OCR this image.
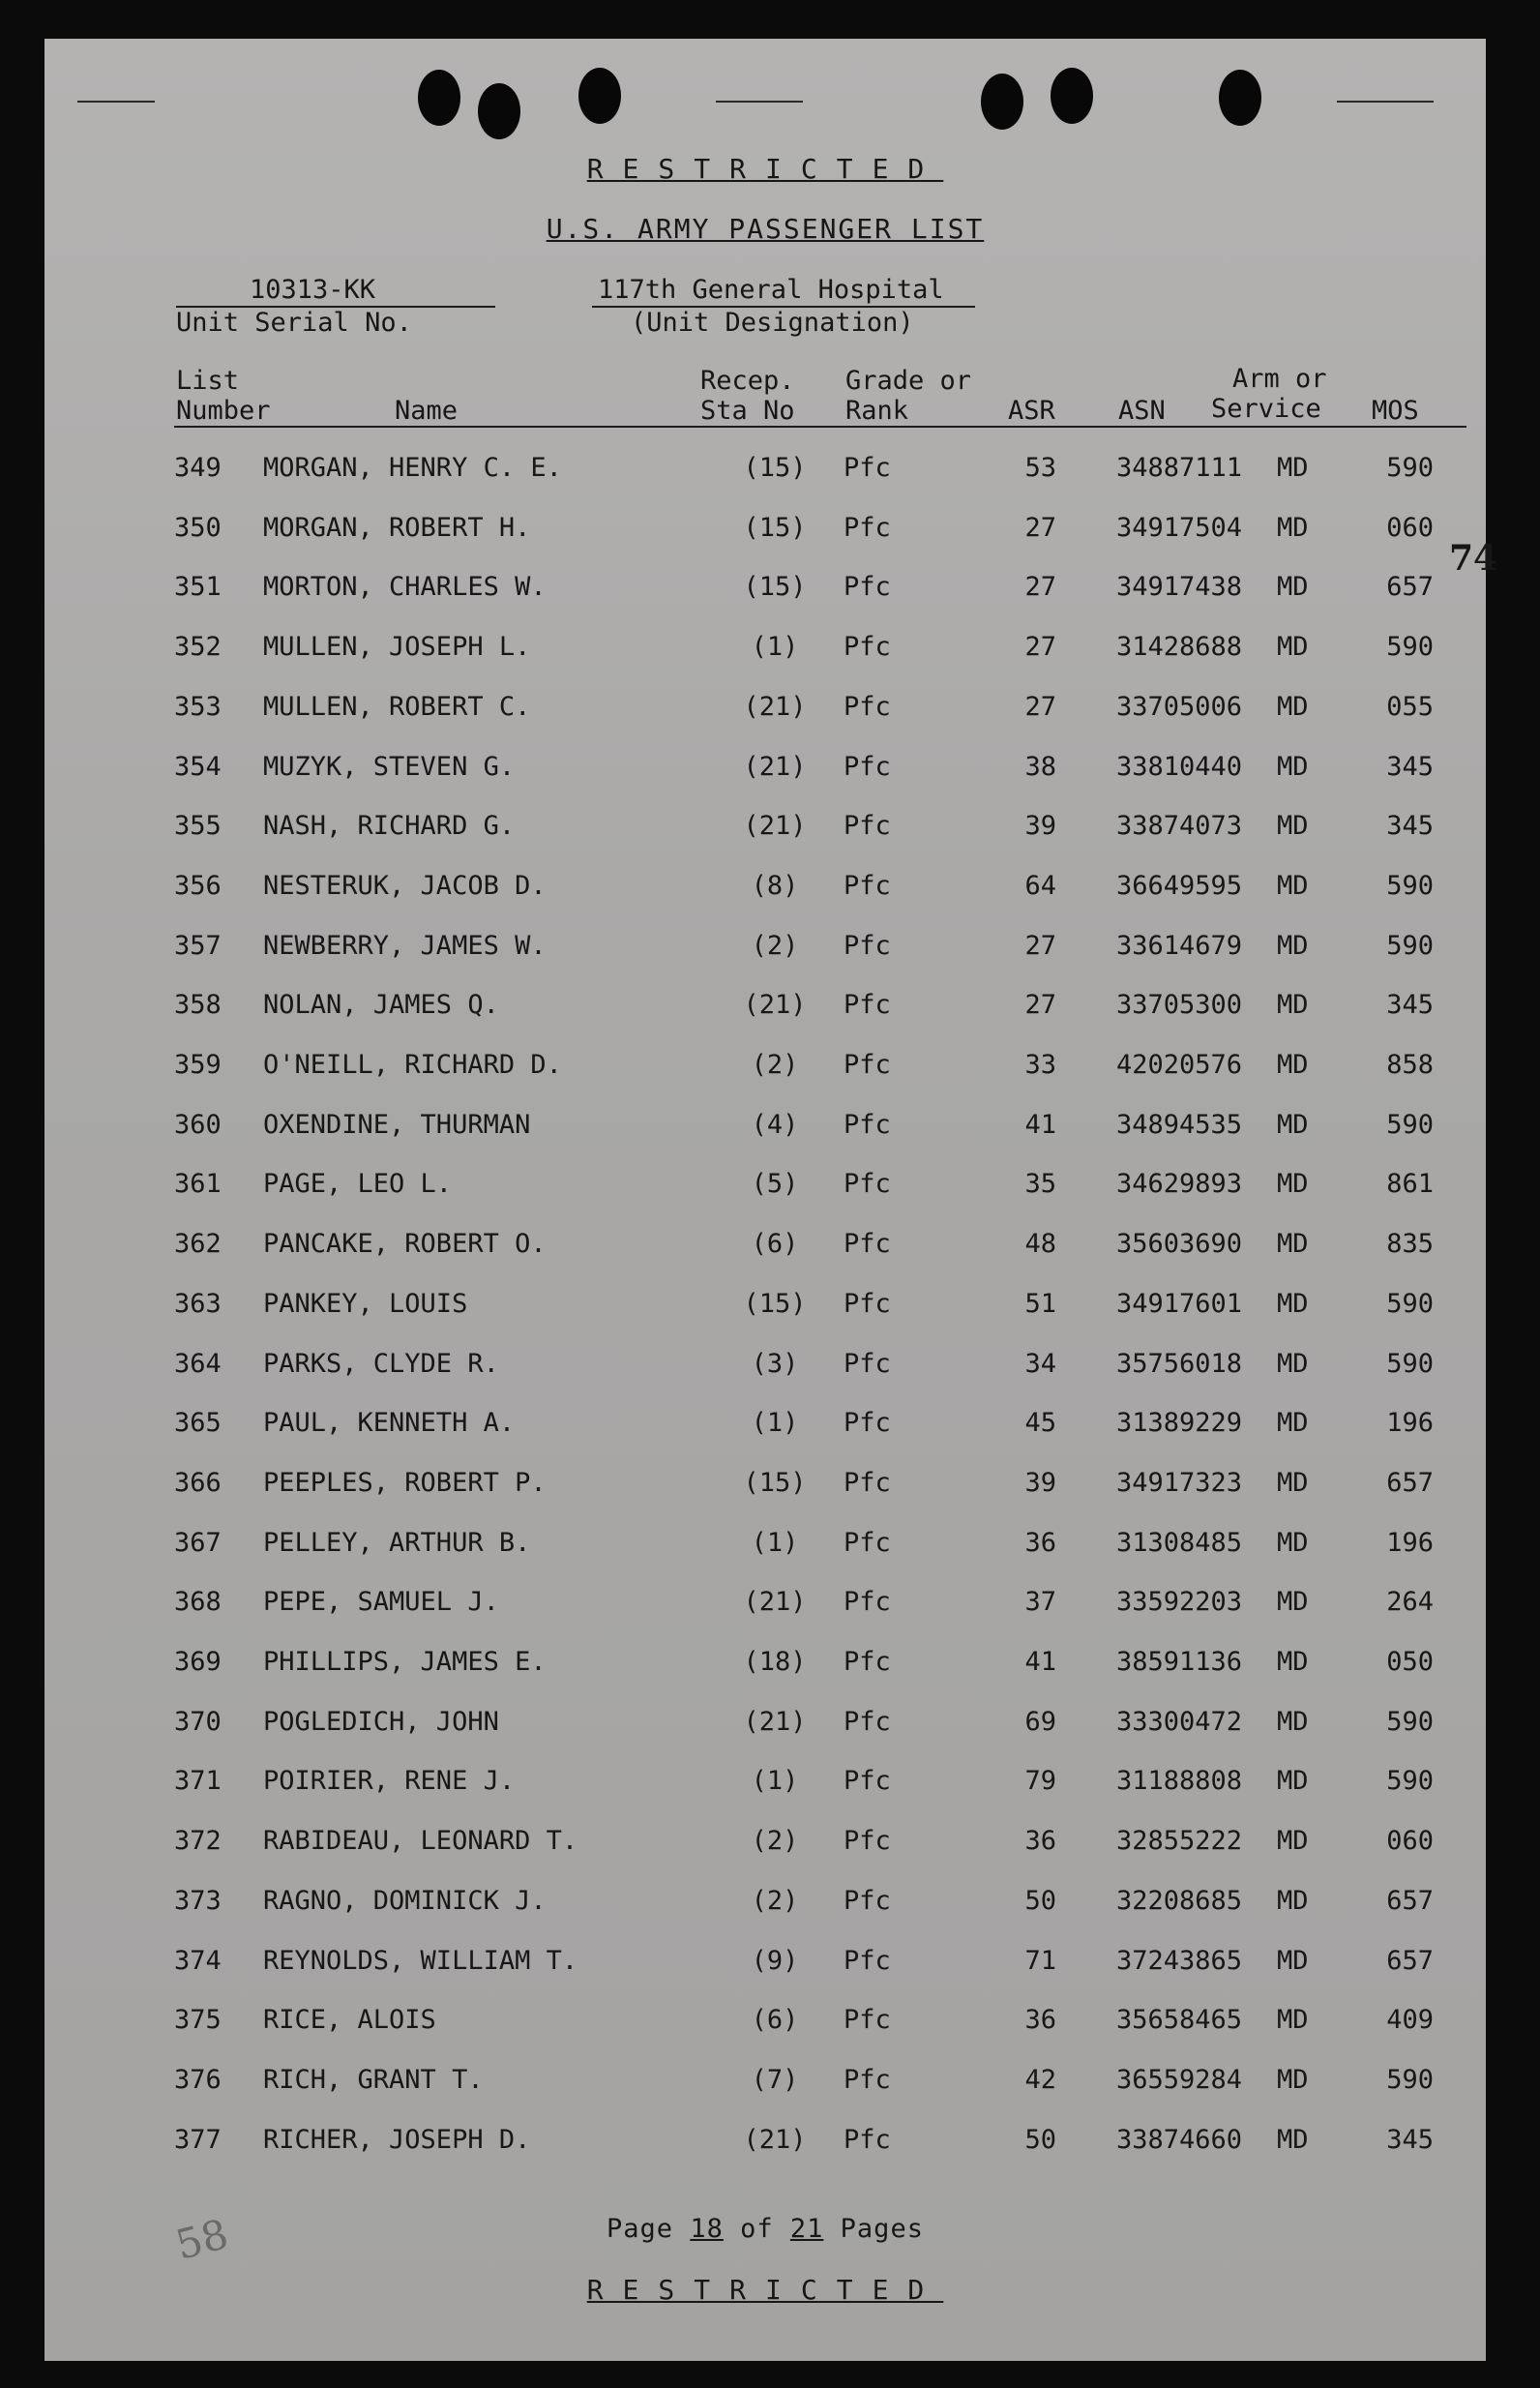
RESTRICTED
U.S. ARMY PASSENGER LIST
10313-KK
Unit Serial No.
117th General Hospital
(Unit Designation)
List
Number	Name
Recep.
Sta No
Grade or
Rank	ASR ASN
Arm or
Service MOS
349	MORGAN, HENRY C. E.	(15)	Pfc	53	34887111 MD	590
350	MORGAN, ROBERT H.	(15)	Pfc	27	34917504 MD	060
351	MORTON, CHARLES W.	(15)	Pfc	27	34917438 MD	657
352	MULLEN, JOSEPH L.	(1)	Pfc	27	31428688 MD	590
353	MULLEN, ROBERT C.	(21)	Pfc	27	33705006 MD	055
354	MUZYK, STEVEN G.	(21)	Pfc	38	33810440 MD	345
355	NASH, RICHARD G.	(21)	Pfc	39	33874073 MD	345
356	NESTERUK, JACOB D.	(8)	Pfc	64	36649595 MD	590
357	NEWBERRY, JAMES W.	(2)	Pfc	27	33614679 MD	590
358	NOLAN, JAMES Q.	(21)	Pfc	27	33705300 MD	345
359	O'NEILL, RICHARD D.	(2)	Pfc	33	42020576 MD	858
360	OXENDINE, THURMAN	(4)	Pfc	41	34894535 MD	590
361	PAGE, LEO L.	(5)	Pfc	35	34629893 MD	861
362	PANCAKE, ROBERT O.	(6)	Pfc	48	35603690 MD	835
363	PANKEY, LOUIS	(15)	Pfc	51	34917601 MD	590
364	PARKS, CLYDE R.	(3)	Pfc	34	35756018 MD	590
365	PAUL, KENNETH A.	(1)	Pfc	45	31389229 MD	196
366	PEEPLES, ROBERT P.	(15)	Pfc	39	34917323 MD	657
367	PELLEY, ARTHUR B.	(1)	Pfc	36	31308485 MD	196
368	PEPE, SAMUEL J.	(21)	Pfc	37	33592203 MD	264
369	PHILLIPS, JAMES E.	(18)	Pfc	41	38591136 MD	050
370	POGLEDICH, JOHN	(21)	Pfc	69	33300472 MD	590
371	POIRIER, RENE J.	(1)	Pfc	79	31188808 MD	590
372	RABIDEAU, LEONARD T.	(2)	Pfc	36	32855222 MD	060
373	RAGNO, DOMINICK J.	(2)	Pfc	50	32208685 MD	657
374	REYNOLDS, WILLIAM T.	(9)	Pfc	71	37243865 MD	657
375	RICE, ALOIS	(6)	Pfc	36	35658465 MD	409
376	RICH, GRANT T.	(7)	Pfc	42	36559284 MD	590
377	RICHER, JOSEPH D.	(21)	Pfc	50	33874660 MD	345
74
58	Page 18 of 21 Pages
RESTRICTED
